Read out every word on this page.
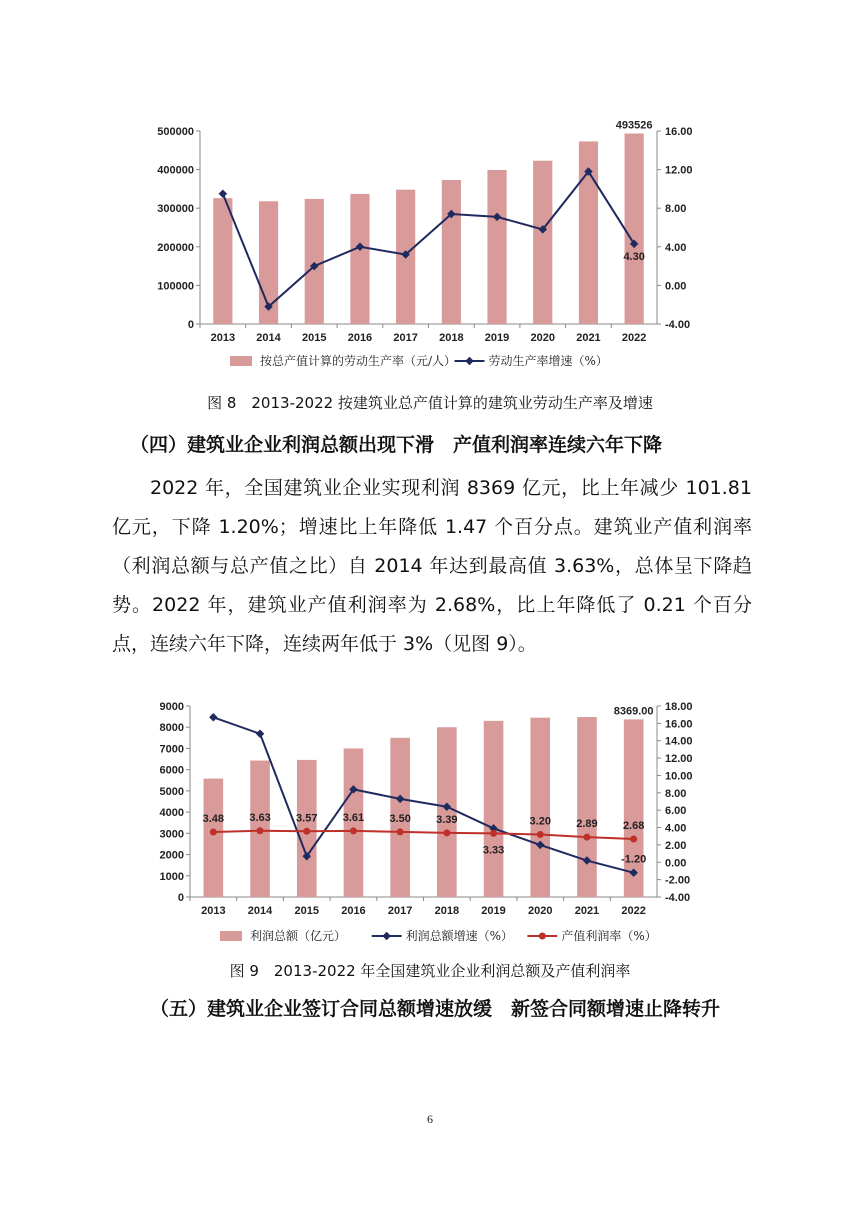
0
100000
200000
300000
400000
500000
-4.00
0.00
4.00
8.00
12.00
16.00
2013 2014 2015 2016 2017 2018 2019 2020 2021 2022
493526
4.30
按总产值计算的劳动生产率（元/人）	劳动生产率增速（%）
图 8　2013-2022 按建筑业总产值计算的建筑业劳动生产率及增速
（四）建筑业企业利润总额出现下滑　产值利润率连续六年下降

2022 年，全国建筑业企业实现利润 8369 亿元，比上年减少 101.81 亿元，下降 1.20%；增速比上年降低 1.47 个百分点。建筑业产值利润率（利润总额与总产值之比）自 2014 年达到最高值 3.63%，总体呈下降趋势。2022 年，建筑业产值利润率为 2.68%，比上年降低了 0.21 个百分点，连续六年下降，连续两年低于 3%（见图 9）。

0
1000
2000
3000
4000
5000
6000
7000
8000
9000
-4.00
-2.00
0.00
2.00
4.00
6.00
8.00
10.00
12.00
14.00
16.00
18.00
2013 2014 2015 2016 2017 2018 2019 2020 2021 2022
8369.00
3.48 3.63 3.57 3.61 3.50 3.39
3.33
3.20 2.89 2.68
-1.20
利润总额（亿元）	利润总额增速（%）	产值利润率（%）
图 9　2013-2022 年全国建筑业企业利润总额及产值利润率

（五）建筑业企业签订合同总额增速放缓　新签合同额增速止降转升

6
